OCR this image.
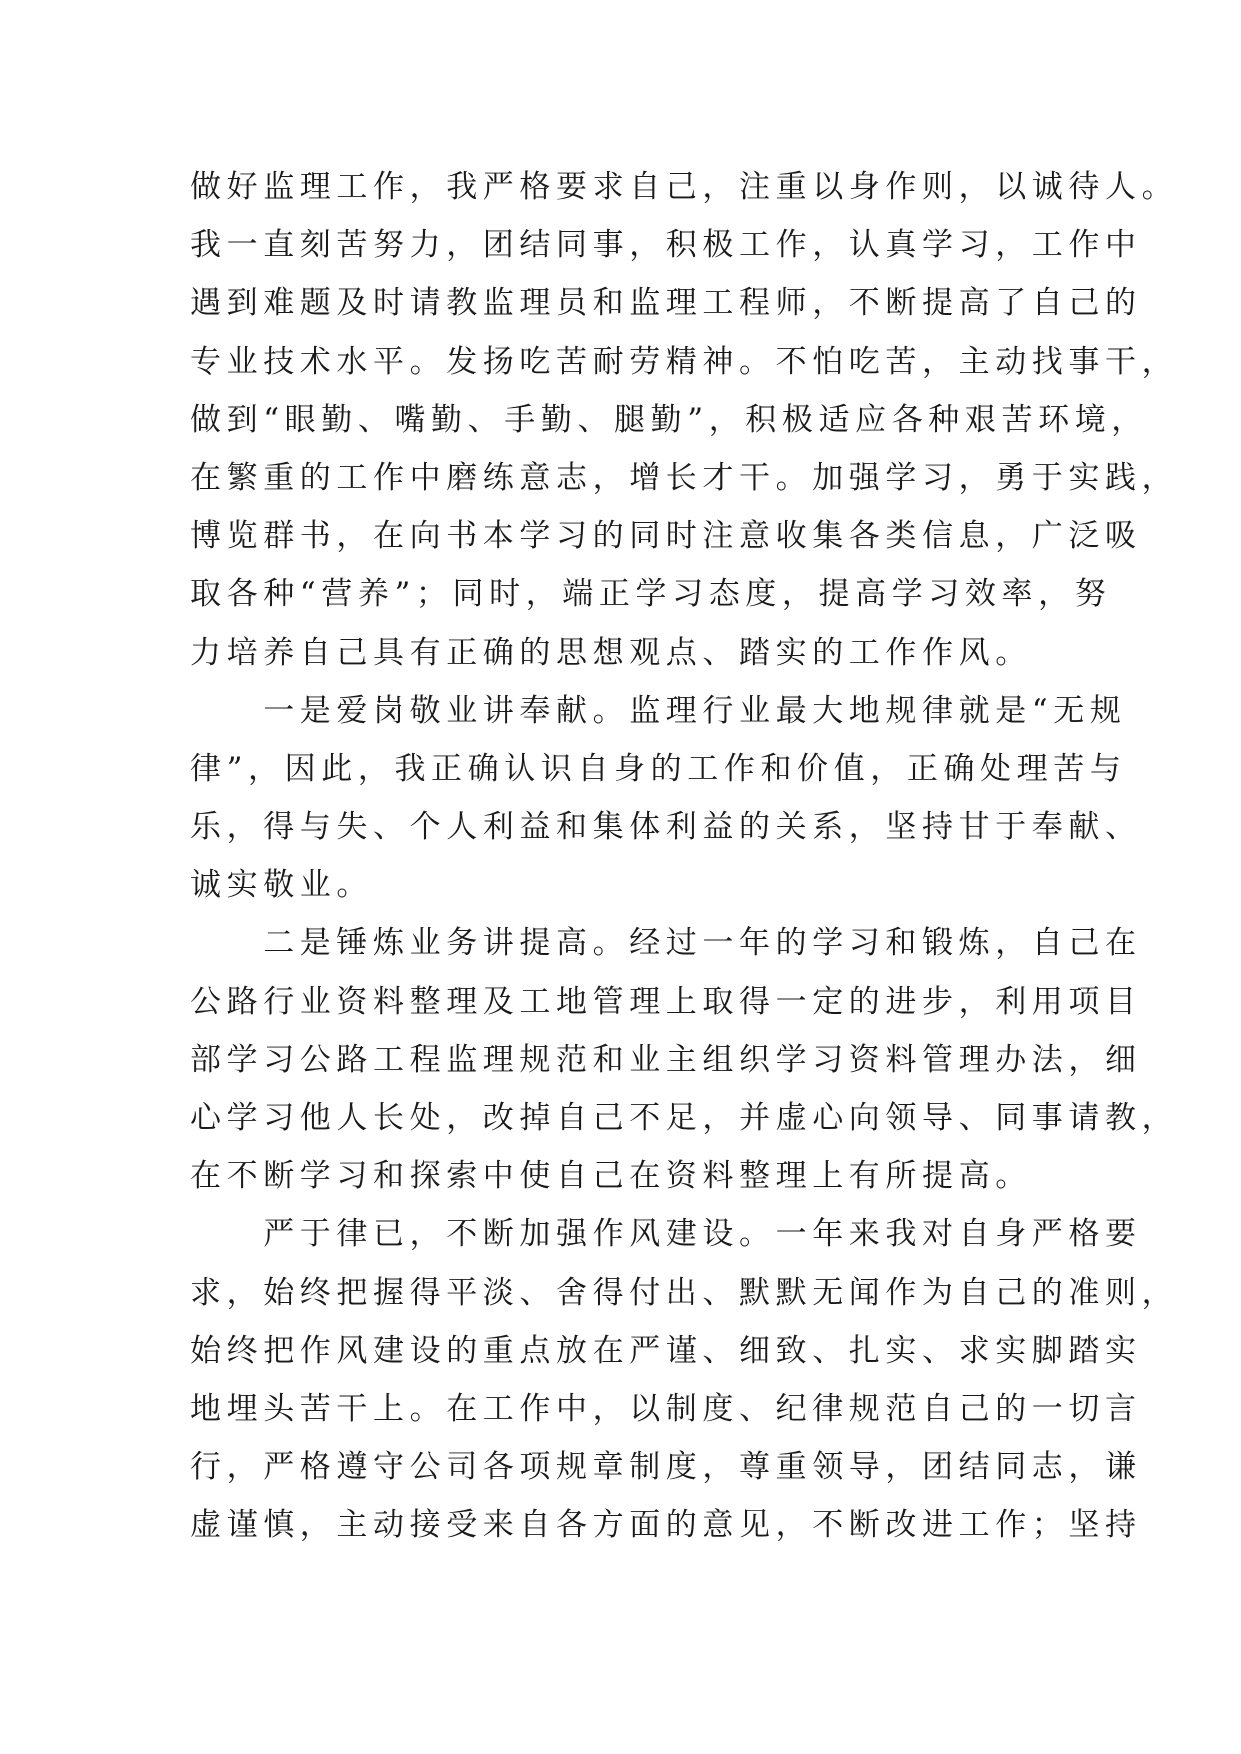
做好监理工作，我严格要求自己，注重以身作则，以诚待人。
我一直刻苦努力，团结同事，积极工作，认真学习，工作中
遇到难题及时请教监理员和监理工程师，不断提高了自己的
专业技术水平。发扬吃苦耐劳精神。不怕吃苦，主动找事干，
做到“眼勤、嘴勤、手勤、腿勤”，积极适应各种艰苦环境，
在繁重的工作中磨练意志，增长才干。加强学习，勇于实践，
博览群书，在向书本学习的同时注意收集各类信息，广泛吸
取各种“营养”；同时，端正学习态度，提高学习效率，努
力培养自己具有正确的思想观点、踏实的工作作风。
　　一是爱岗敬业讲奉献。监理行业最大地规律就是“无规
律”，因此，我正确认识自身的工作和价值，正确处理苦与
乐，得与失、个人利益和集体利益的关系，坚持甘于奉献、
诚实敬业。
　　二是锤炼业务讲提高。经过一年的学习和锻炼，自己在
公路行业资料整理及工地管理上取得一定的进步，利用项目
部学习公路工程监理规范和业主组织学习资料管理办法，细
心学习他人长处，改掉自己不足，并虚心向领导、同事请教，
在不断学习和探索中使自己在资料整理上有所提高。
　　严于律已，不断加强作风建设。一年来我对自身严格要
求，始终把握得平淡、舍得付出、默默无闻作为自己的准则，
始终把作风建设的重点放在严谨、细致、扎实、求实脚踏实
地埋头苦干上。在工作中，以制度、纪律规范自己的一切言
行，严格遵守公司各项规章制度，尊重领导，团结同志，谦
虚谨慎，主动接受来自各方面的意见，不断改进工作；坚持
